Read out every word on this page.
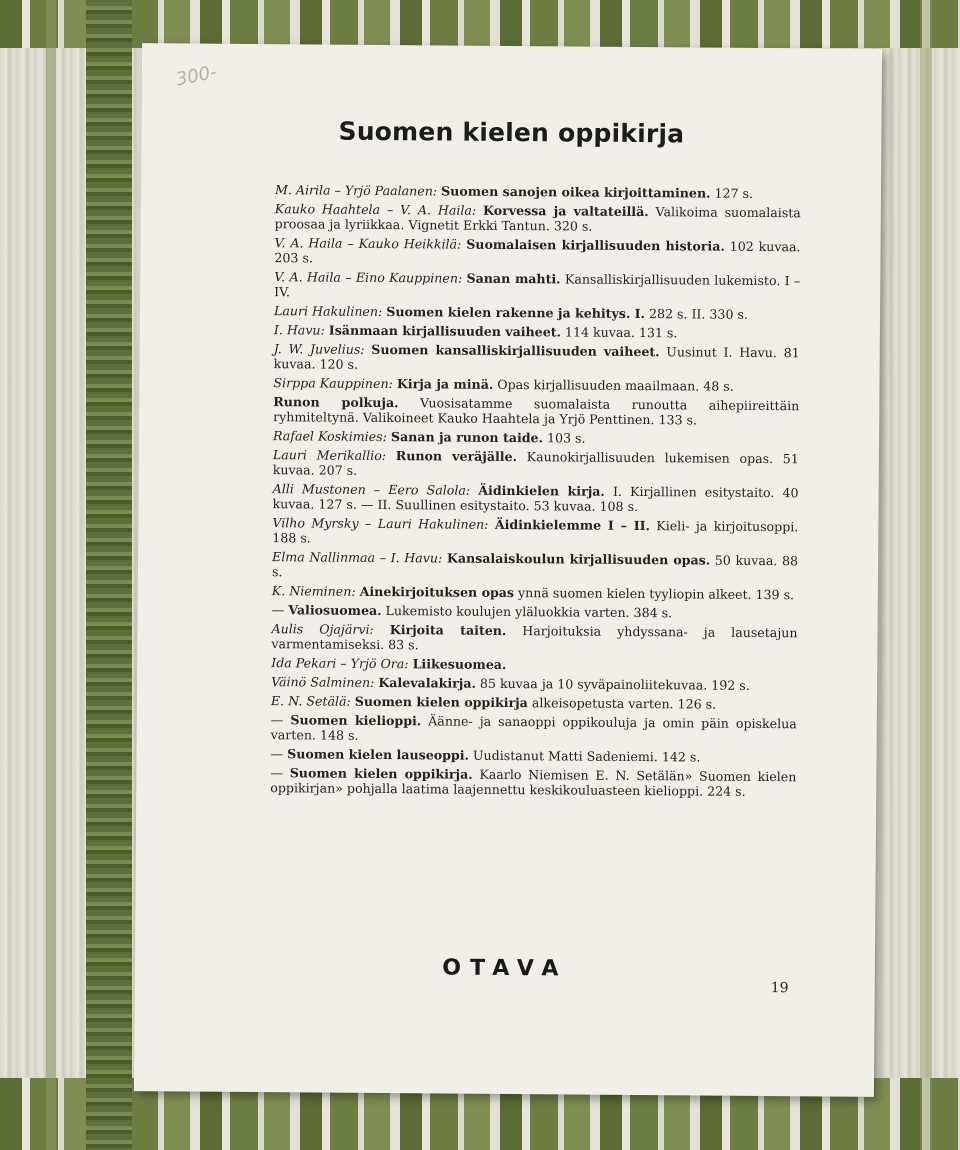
300-
Suomen kielen oppikirja
M. Airila – Yrjö Paalanen: Suomen sanojen oikea kirjoittaminen. 127 s.
Kauko Haahtela – V. A. Haila: Korvessa ja valtateillä. Valikoima suomalaista proosaa ja lyriikkaa. Vignetit Erkki Tantun. 320 s.
V. A. Haila – Kauko Heikkilä: Suomalaisen kirjallisuuden historia. 102 kuvaa. 203 s.
V. A. Haila – Eino Kauppinen: Sanan mahti. Kansalliskirjallisuuden lukemisto. I – IV.
Lauri Hakulinen: Suomen kielen rakenne ja kehitys. I. 282 s. II. 330 s.
I. Havu: Isänmaan kirjallisuuden vaiheet. 114 kuvaa. 131 s.
J. W. Juvelius: Suomen kansalliskirjallisuuden vaiheet. Uusinut I. Havu. 81 kuvaa. 120 s.
Sirppa Kauppinen: Kirja ja minä. Opas kirjallisuuden maailmaan. 48 s.
Runon polkuja. Vuosisatamme suomalaista runoutta aihepiireittäin ryhmiteltynä. Valikoineet Kauko Haahtela ja Yrjö Penttinen. 133 s.
Rafael Koskimies: Sanan ja runon taide. 103 s.
Lauri Merikallio: Runon veräjälle. Kaunokirjallisuuden lukemisen opas. 51 kuvaa. 207 s.
Alli Mustonen – Eero Salola: Äidinkielen kirja. I. Kirjallinen esitystaito. 40 kuvaa. 127 s. — II. Suullinen esitystaito. 53 kuvaa. 108 s.
Vilho Myrsky – Lauri Hakulinen: Äidinkielemme I – II. Kieli- ja kirjoitusoppi. 188 s.
Elma Nallinmaa – I. Havu: Kansalaiskoulun kirjallisuuden opas. 50 kuvaa. 88 s.
K. Nieminen: Ainekirjoituksen opas ynnä suomen kielen tyyliopin alkeet. 139 s.
— Valiosuomea. Lukemisto koulujen yläluokkia varten. 384 s.
Aulis Ojajärvi: Kirjoita taiten. Harjoituksia yhdyssana- ja lausetajun varmentamiseksi. 83 s.
Ida Pekari – Yrjö Ora: Liikesuomea.
Väinö Salminen: Kalevalakirja. 85 kuvaa ja 10 syväpainoliitekuvaa. 192 s.
E. N. Setälä: Suomen kielen oppikirja alkeisopetusta varten. 126 s.
— Suomen kielioppi. Äänne- ja sanaoppi oppikouluja ja omin päin opiskelua varten. 148 s.
— Suomen kielen lauseoppi. Uudistanut Matti Sadeniemi. 142 s.
— Suomen kielen oppikirja. Kaarlo Niemisen E. N. Setälän» Suomen kielen oppikirjan» pohjalla laatima laajennettu keskikouluasteen kielioppi. 224 s.
OTAVA
19
